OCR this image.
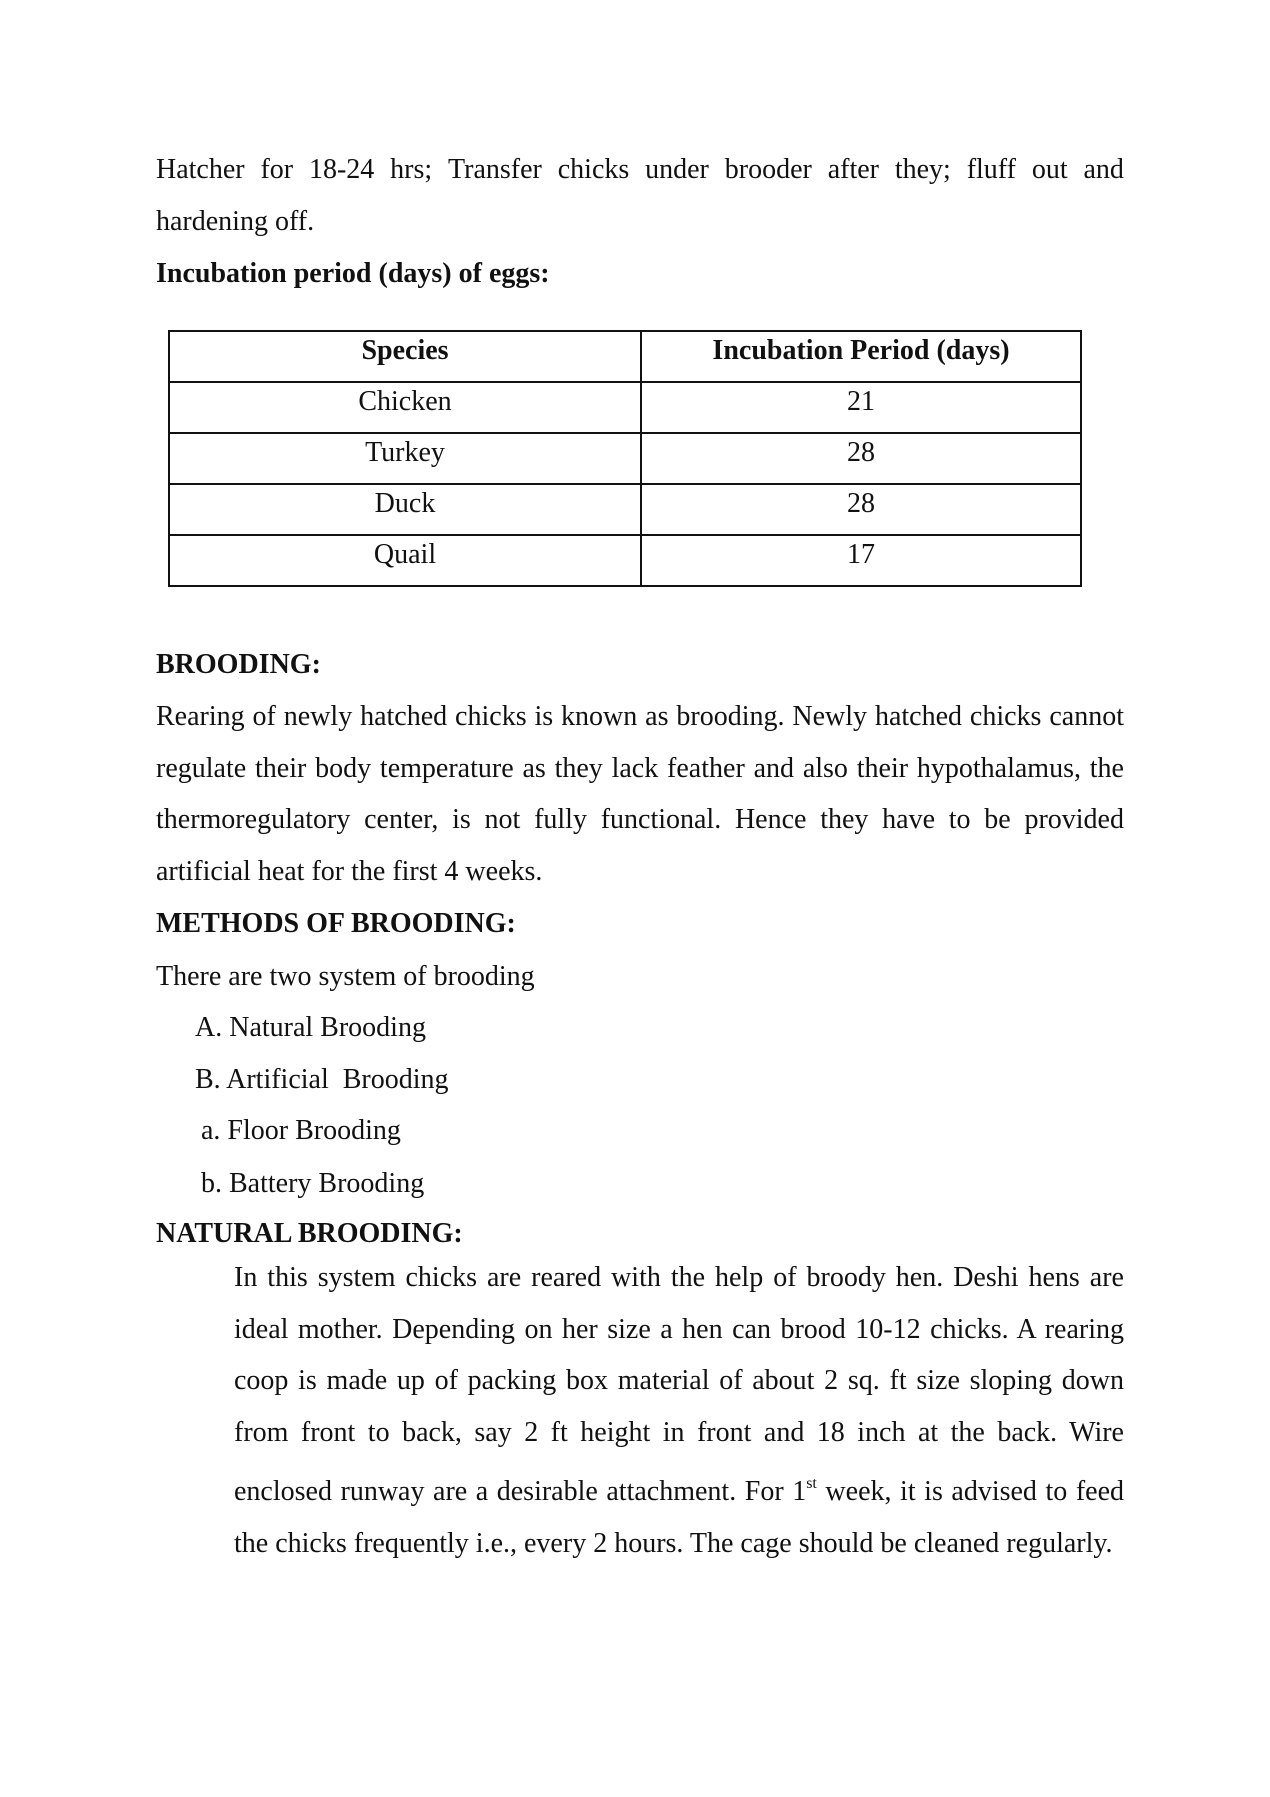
Hatcher for 18-24 hrs; Transfer chicks under brooder after they; fluff out and
hardening off.
Incubation period (days) of eggs:
Species	Incubation Period (days)
Chicken	21
Turkey	28
Duck	28
Quail	17
BROODING:
Rearing of newly hatched chicks is known as brooding. Newly hatched chicks cannot regulate their body temperature as they lack feather and also their hypothalamus, the thermoregulatory center, is not fully functional. Hence they have to be provided artificial heat for the first 4 weeks.
METHODS OF BROODING:
There are two system of brooding
A. Natural Brooding
B. Artificial  Brooding
a. Floor Brooding
b. Battery Brooding
NATURAL BROODING:
In this system chicks are reared with the help of broody hen. Deshi hens are ideal mother. Depending on her size a hen can brood 10-12 chicks. A rearing coop is made up of packing box material of about 2 sq. ft size sloping down from front to back, say 2 ft height in front and 18 inch at the back. Wire enclosed runway are a desirable attachment. For 1st week, it is advised to feed the chicks frequently i.e., every 2 hours. The cage should be cleaned regularly.
